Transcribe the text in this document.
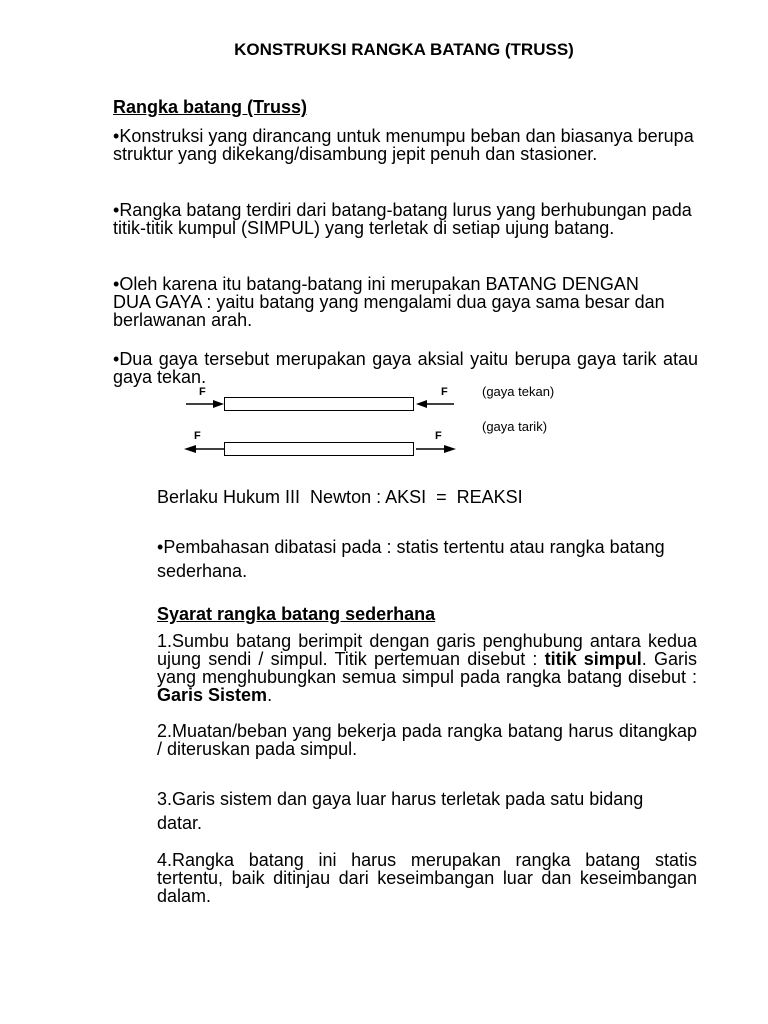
KONSTRUKSI RANGKA BATANG (TRUSS)
Rangka batang (Truss)
•Konstruksi yang dirancang untuk menumpu beban dan biasanya berupa struktur yang dikekang/disambung jepit penuh dan stasioner.
•Rangka batang terdiri dari batang-batang lurus yang berhubungan pada titik-titik kumpul (SIMPUL) yang terletak di setiap ujung batang.
•Oleh karena itu batang-batang ini merupakan BATANG DENGAN DUA GAYA : yaitu batang yang mengalami dua gaya sama besar dan berlawanan arah.
•Dua gaya tersebut merupakan gaya aksial yaitu berupa gaya tarik atau gaya tekan.
F	F	(gaya tekan)
F	F
(gaya tarik)
Berlaku Hukum III  Newton : AKSI  =  REAKSI
•Pembahasan dibatasi pada : statis tertentu atau rangka batang sederhana.
Syarat rangka batang sederhana
1.Sumbu batang berimpit dengan garis penghubung antara kedua ujung sendi / simpul. Titik pertemuan disebut : titik simpul. Garis yang menghubungkan semua simpul pada rangka batang disebut : Garis Sistem.
2.Muatan/beban yang bekerja pada rangka batang harus ditangkap / diteruskan pada simpul.
3.Garis sistem dan gaya luar harus terletak pada satu bidang datar.
4.Rangka batang ini harus merupakan rangka batang statis tertentu, baik ditinjau dari keseimbangan luar dan keseimbangan dalam.
